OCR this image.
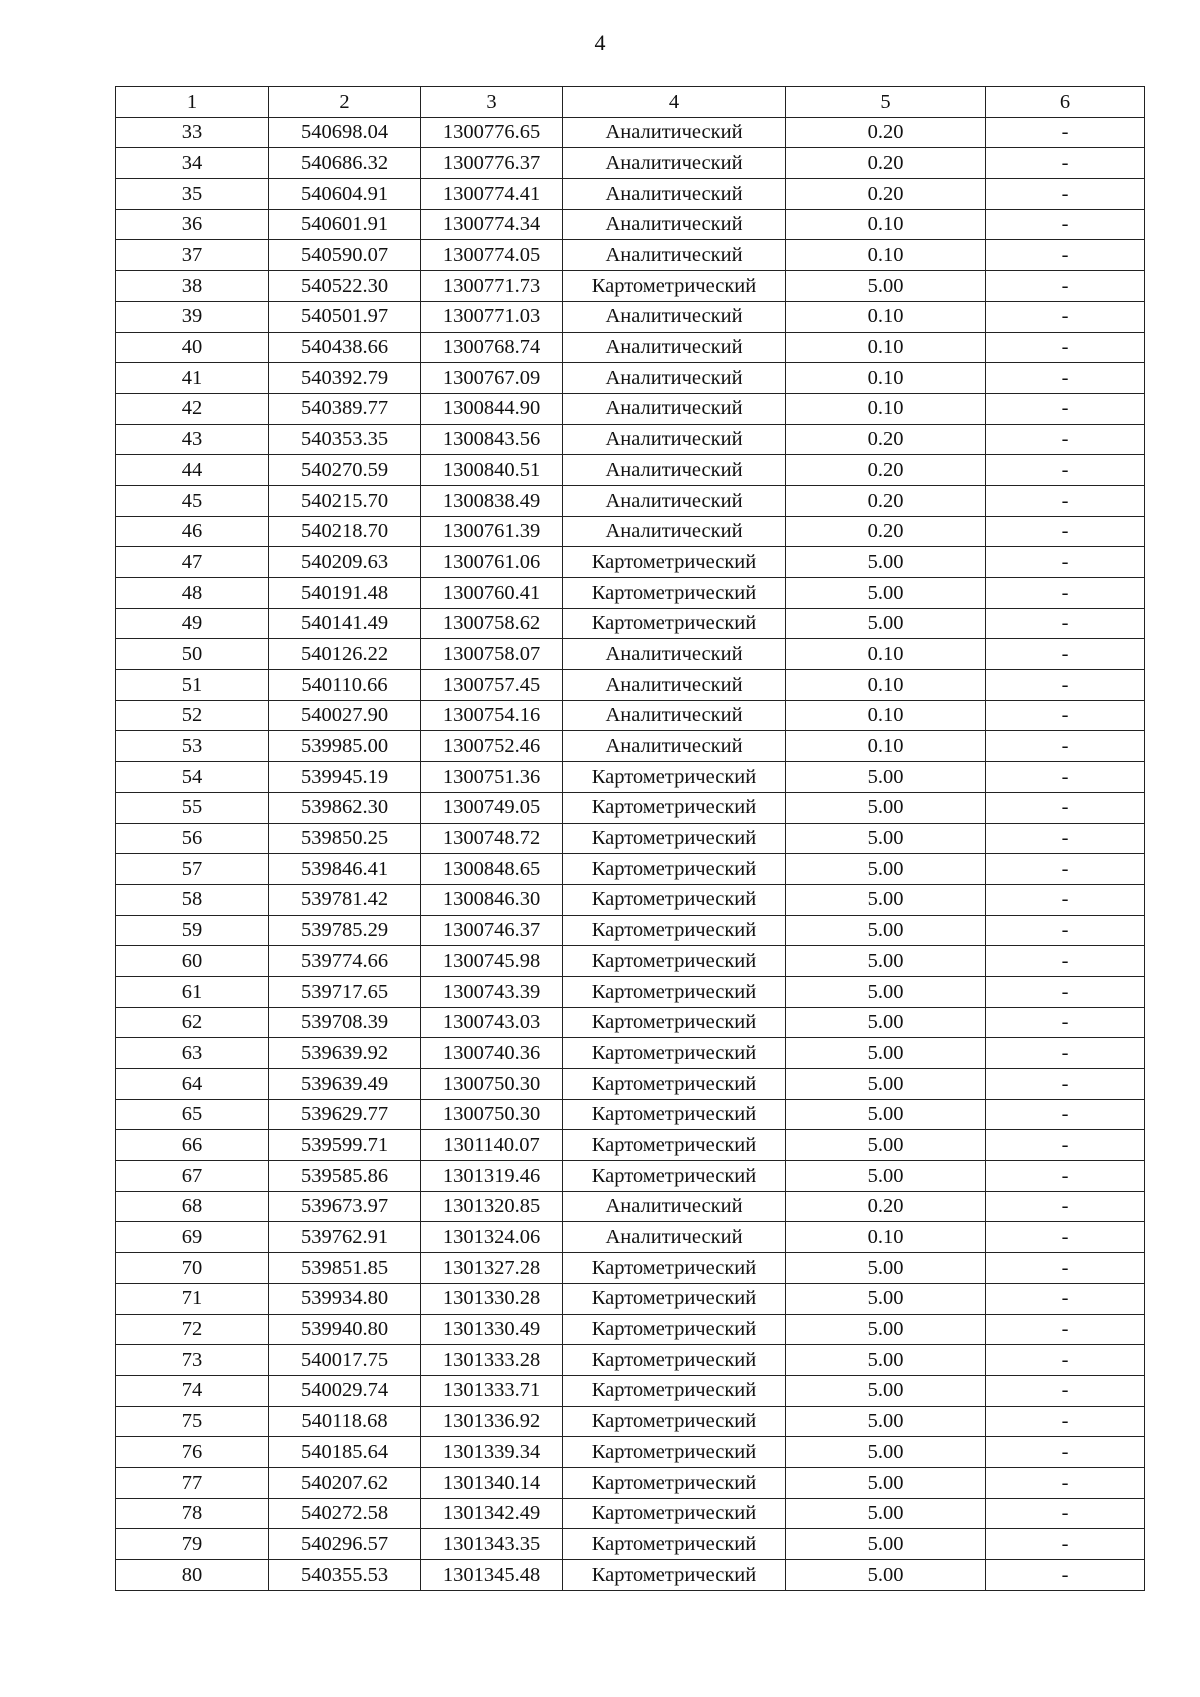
4
1	2	3	4	5	6
33	540698.04	1300776.65	Аналитический	0.20	-
34	540686.32	1300776.37	Аналитический	0.20	-
35	540604.91	1300774.41	Аналитический	0.20	-
36	540601.91	1300774.34	Аналитический	0.10	-
37	540590.07	1300774.05	Аналитический	0.10	-
38	540522.30	1300771.73	Картометрический	5.00	-
39	540501.97	1300771.03	Аналитический	0.10	-
40	540438.66	1300768.74	Аналитический	0.10	-
41	540392.79	1300767.09	Аналитический	0.10	-
42	540389.77	1300844.90	Аналитический	0.10	-
43	540353.35	1300843.56	Аналитический	0.20	-
44	540270.59	1300840.51	Аналитический	0.20	-
45	540215.70	1300838.49	Аналитический	0.20	-
46	540218.70	1300761.39	Аналитический	0.20	-
47	540209.63	1300761.06	Картометрический	5.00	-
48	540191.48	1300760.41	Картометрический	5.00	-
49	540141.49	1300758.62	Картометрический	5.00	-
50	540126.22	1300758.07	Аналитический	0.10	-
51	540110.66	1300757.45	Аналитический	0.10	-
52	540027.90	1300754.16	Аналитический	0.10	-
53	539985.00	1300752.46	Аналитический	0.10	-
54	539945.19	1300751.36	Картометрический	5.00	-
55	539862.30	1300749.05	Картометрический	5.00	-
56	539850.25	1300748.72	Картометрический	5.00	-
57	539846.41	1300848.65	Картометрический	5.00	-
58	539781.42	1300846.30	Картометрический	5.00	-
59	539785.29	1300746.37	Картометрический	5.00	-
60	539774.66	1300745.98	Картометрический	5.00	-
61	539717.65	1300743.39	Картометрический	5.00	-
62	539708.39	1300743.03	Картометрический	5.00	-
63	539639.92	1300740.36	Картометрический	5.00	-
64	539639.49	1300750.30	Картометрический	5.00	-
65	539629.77	1300750.30	Картометрический	5.00	-
66	539599.71	1301140.07	Картометрический	5.00	-
67	539585.86	1301319.46	Картометрический	5.00	-
68	539673.97	1301320.85	Аналитический	0.20	-
69	539762.91	1301324.06	Аналитический	0.10	-
70	539851.85	1301327.28	Картометрический	5.00	-
71	539934.80	1301330.28	Картометрический	5.00	-
72	539940.80	1301330.49	Картометрический	5.00	-
73	540017.75	1301333.28	Картометрический	5.00	-
74	540029.74	1301333.71	Картометрический	5.00	-
75	540118.68	1301336.92	Картометрический	5.00	-
76	540185.64	1301339.34	Картометрический	5.00	-
77	540207.62	1301340.14	Картометрический	5.00	-
78	540272.58	1301342.49	Картометрический	5.00	-
79	540296.57	1301343.35	Картометрический	5.00	-
80	540355.53	1301345.48	Картометрический	5.00	-
